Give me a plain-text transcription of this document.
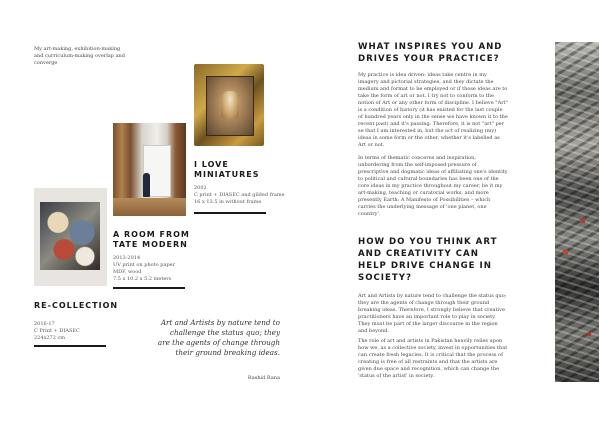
My art-making, exhibition-making and curriculum-making overlap and converge
I LOVE
MINIATURES
2002
C print + DIASEC and gilded frame
16 x 13.5 in without frame
A ROOM FROM
TATE MODERN
2013-2014
UV print on photo paper
MDF, wood
7.5 x 10.2 x 5.2 meters
RE-COLLECTION
2016-17
C Print + DIASEC
224x272 cm
Art and Artists by nature tend to challenge the status quo; they are the agents of change through their ground breaking ideas.
Rashid Rana
WHAT INSPIRES YOU AND
DRIVES YOUR PRACTICE?
My practice is idea driven: ideas take centre in my imagery and pictorial strategies, and they dictate the medium and format to be employed or if those ideas are to take the form of art or not. I try not to conform to the notion of Art or any other form of discipline. I believe "Art" is a condition of history (it has existed for the last couple of hundred years only in the sense we have known it to the recent past) and it's passing. Therefore, it is not "art" per se that I am interested in, but the act of realizing (my) ideas in some form or the other, whether it's labelled as Art or not.
In terms of thematic concerns and inspiration, unbordering from the self-imposed pressure of prescriptive and dogmatic ideas of affiliating one's identity to political and cultural boundaries has been one of the core ideas in my practice throughout my career, be it my art-making, teaching or curatorial works, and more presently Earth: A Manifesto of Possibilities – which carries the underlying message of 'one planet, one country'.
HOW DO YOU THINK ART
AND CREATIVITY CAN
HELP DRIVE CHANGE IN
SOCIETY?
Art and Artists by nature tend to challenge the status quo; they are the agents of change through their ground breaking ideas. Therefore, I strongly believe that creative practitioners have an important role to play in society. They must be part of the larger discourse in the region and beyond.
The role of art and artists in Pakistan heavily relies upon how we, as a collective society, invest in opportunities that can create fresh legacies. It is critical that the process of creating is free of all restraints and that the artists are given due space and recognition, which can change the 'status of the artist' in society.
